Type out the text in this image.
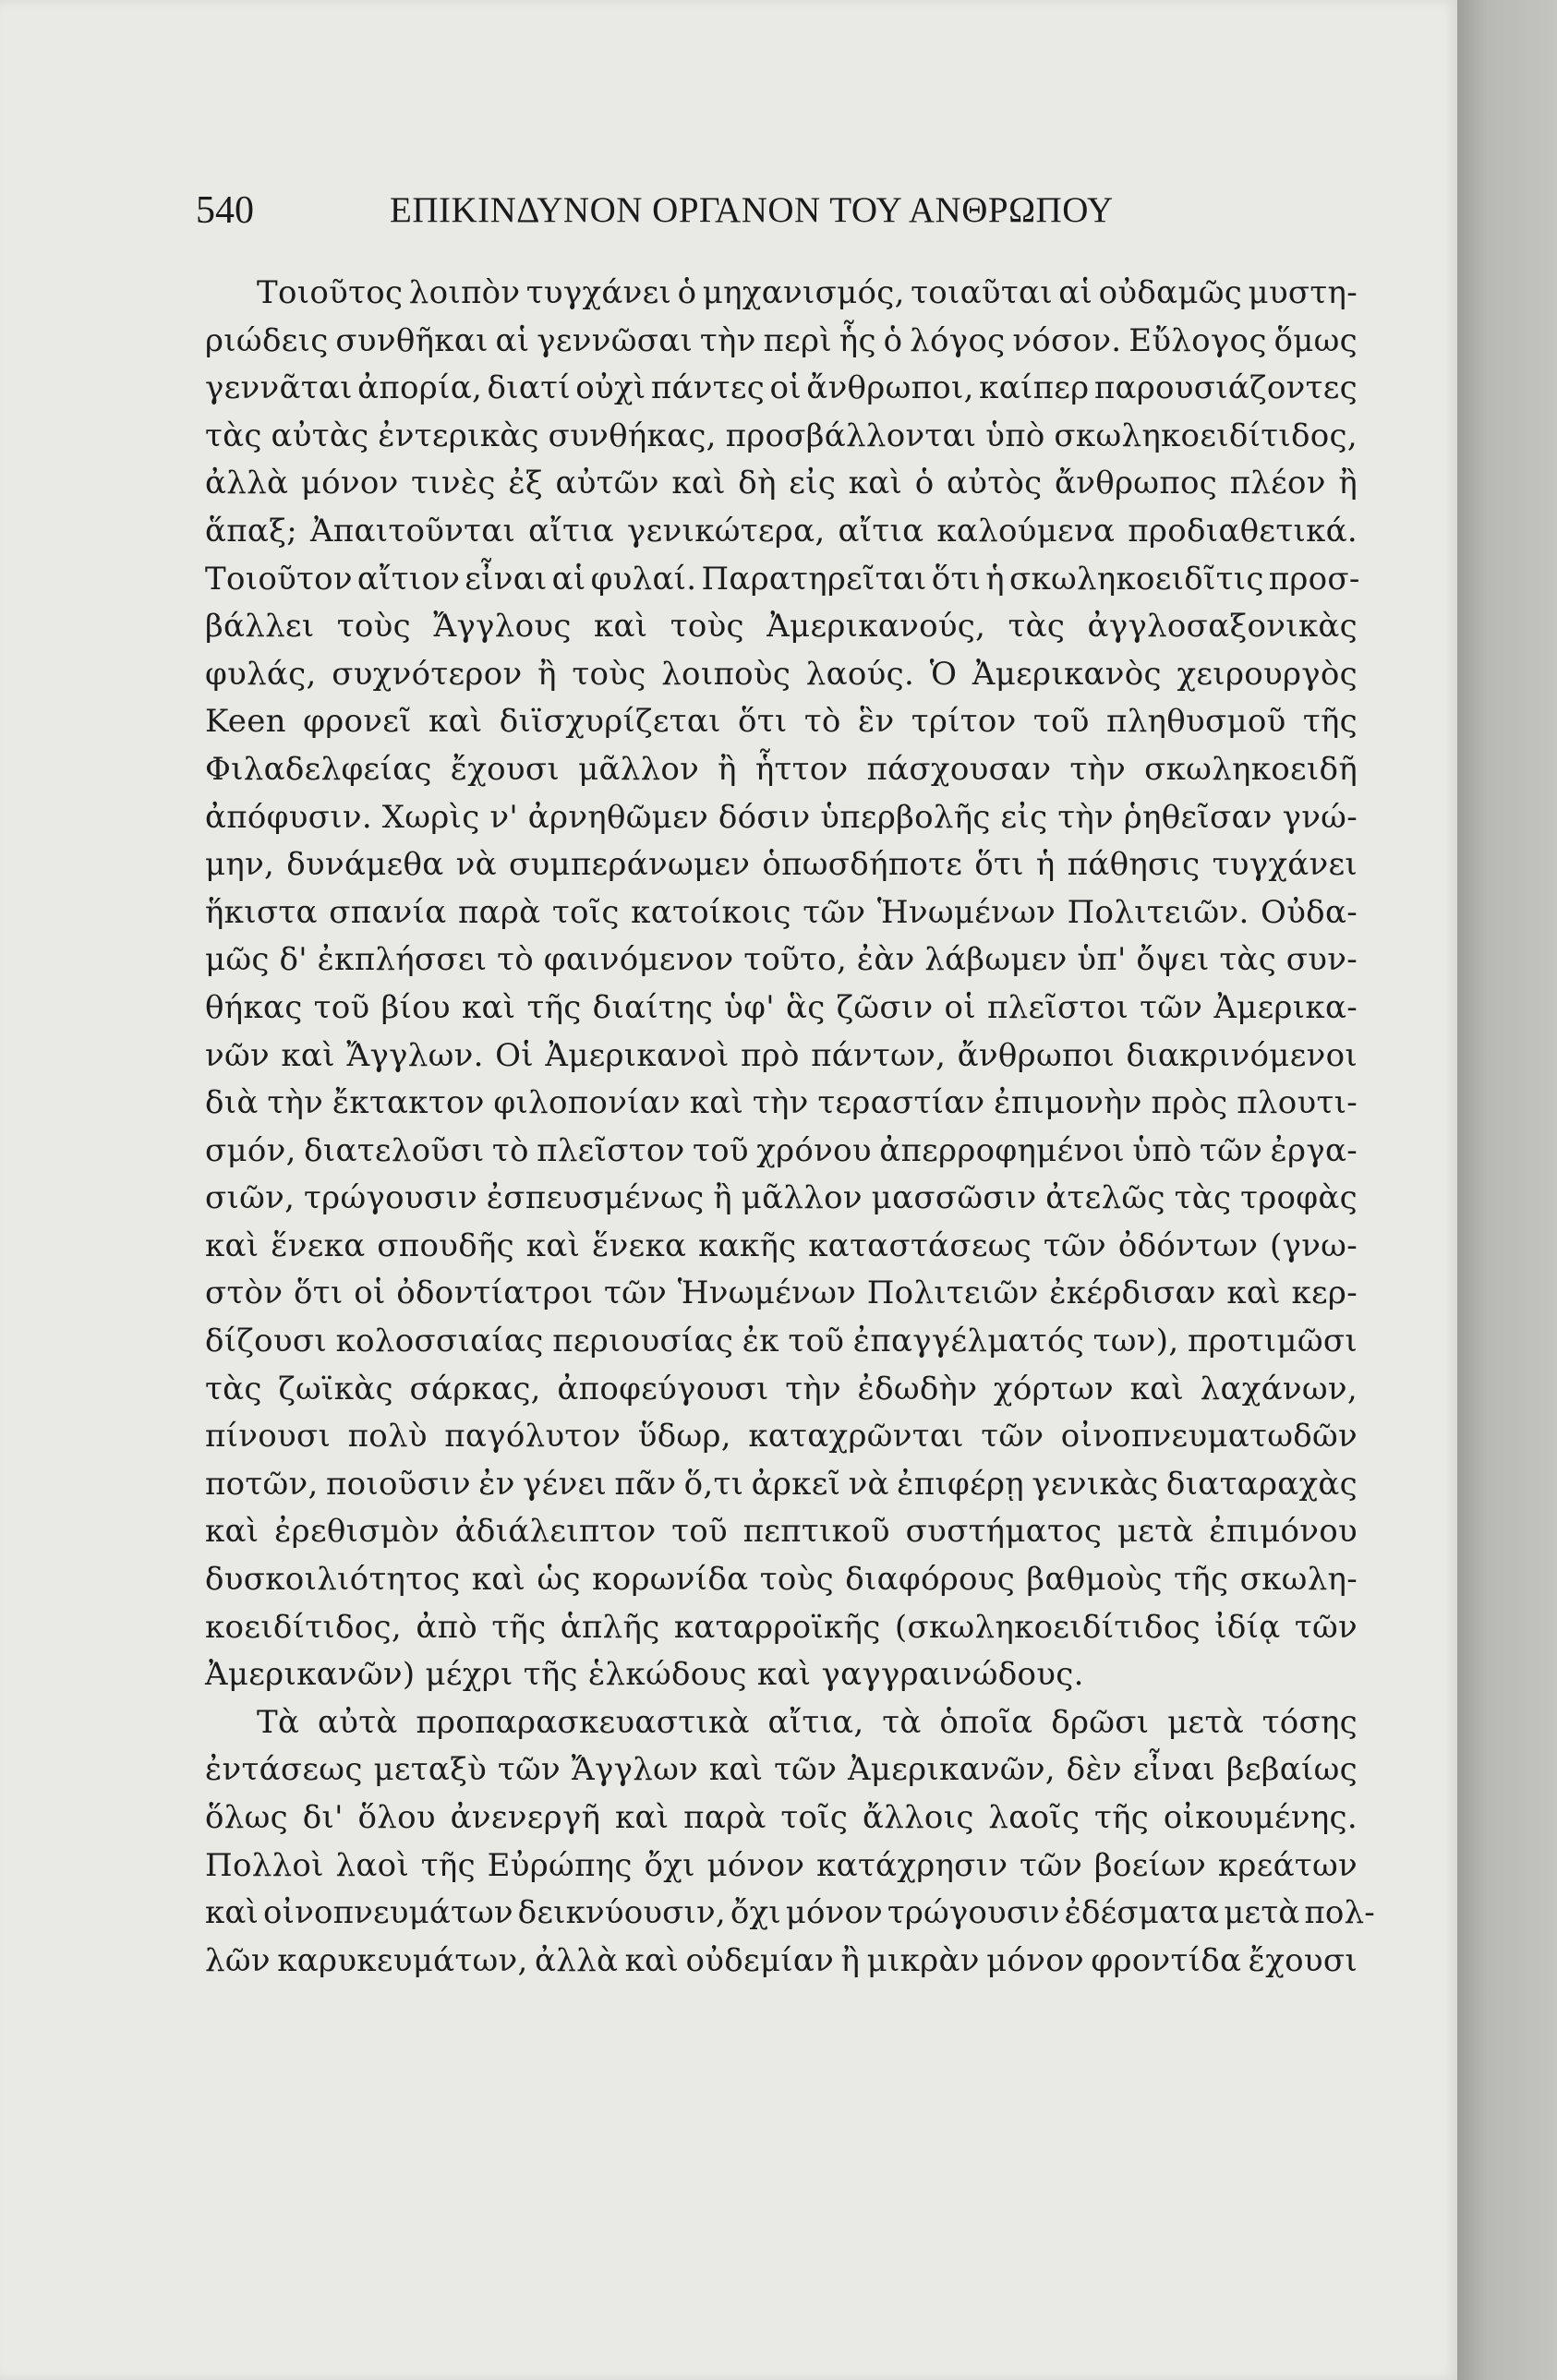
540	ΕΠΙΚΙΝΔΥΝΟΝ ΟΡΓΑΝΟΝ ΤΟΥ ΑΝΘΡΩΠΟΥ
Τοιοῦτος λοιπὸν τυγχάνει ὁ μηχανισμός, τοιαῦται αἱ οὐδαμῶς μυστη-
ριώδεις συνθῆκαι αἱ γεννῶσαι τὴν περὶ ἧς ὁ λόγος νόσον. Εὔλογος ὅμως
γεννᾶται ἀπορία, διατί οὐχὶ πάντες οἱ ἄνθρωποι, καίπερ παρουσιάζοντες
τὰς αὐτὰς ἐντερικὰς συνθήκας, προσβάλλονται ὑπὸ σκωληκοειδίτιδος,
ἀλλὰ μόνον τινὲς ἐξ αὐτῶν καὶ δὴ εἰς καὶ ὁ αὐτὸς ἄνθρωπος πλέον ἢ
ἅπαξ; Ἀπαιτοῦνται αἴτια γενικώτερα, αἴτια καλούμενα προδιαθετικά.
Τοιοῦτον αἴτιον εἶναι αἱ φυλαί. Παρατηρεῖται ὅτι ἡ σκωληκοειδῖτις προσ-
βάλλει τοὺς Ἄγγλους καὶ τοὺς Ἀμερικανούς, τὰς ἀγγλοσαξονικὰς
φυλάς, συχνότερον ἢ τοὺς λοιποὺς λαούς. Ὁ Ἀμερικανὸς χειρουργὸς
Keen φρονεῖ καὶ διϊσχυρίζεται ὅτι τὸ ἓν τρίτον τοῦ πληθυσμοῦ τῆς
Φιλαδελφείας ἔχουσι μᾶλλον ἢ ἧττον πάσχουσαν τὴν σκωληκοειδῆ
ἀπόφυσιν. Χωρὶς ν' ἀρνηθῶμεν δόσιν ὑπερβολῆς εἰς τὴν ῥηθεῖσαν γνώ-
μην, δυνάμεθα νὰ συμπεράνωμεν ὁπωσδήποτε ὅτι ἡ πάθησις τυγχάνει
ἥκιστα σπανία παρὰ τοῖς κατοίκοις τῶν Ἡνωμένων Πολιτειῶν. Οὐδα-
μῶς δ' ἐκπλήσσει τὸ φαινόμενον τοῦτο, ἐὰν λάβωμεν ὑπ' ὄψει τὰς συν-
θήκας τοῦ βίου καὶ τῆς διαίτης ὑφ' ἃς ζῶσιν οἱ πλεῖστοι τῶν Ἀμερικα-
νῶν καὶ Ἄγγλων. Οἱ Ἀμερικανοὶ πρὸ πάντων, ἄνθρωποι διακρινόμενοι
διὰ τὴν ἔκτακτον φιλοπονίαν καὶ τὴν τεραστίαν ἐπιμονὴν πρὸς πλουτι-
σμόν, διατελοῦσι τὸ πλεῖστον τοῦ χρόνου ἀπερροφημένοι ὑπὸ τῶν ἐργα-
σιῶν, τρώγουσιν ἐσπευσμένως ἢ μᾶλλον μασσῶσιν ἀτελῶς τὰς τροφὰς
καὶ ἕνεκα σπουδῆς καὶ ἕνεκα κακῆς καταστάσεως τῶν ὀδόντων (γνω-
στὸν ὅτι οἱ ὀδοντίατροι τῶν Ἡνωμένων Πολιτειῶν ἐκέρδισαν καὶ κερ-
δίζουσι κολοσσιαίας περιουσίας ἐκ τοῦ ἐπαγγέλματός των), προτιμῶσι
τὰς ζωϊκὰς σάρκας, ἀποφεύγουσι τὴν ἐδωδὴν χόρτων καὶ λαχάνων,
πίνουσι πολὺ παγόλυτον ὕδωρ, καταχρῶνται τῶν οἰνοπνευματωδῶν
ποτῶν, ποιοῦσιν ἐν γένει πᾶν ὅ,τι ἀρκεῖ νὰ ἐπιφέρῃ γενικὰς διαταραχὰς
καὶ ἐρεθισμὸν ἀδιάλειπτον τοῦ πεπτικοῦ συστήματος μετὰ ἐπιμόνου
δυσκοιλιότητος καὶ ὡς κορωνίδα τοὺς διαφόρους βαθμοὺς τῆς σκωλη-
κοειδίτιδος, ἀπὸ τῆς ἁπλῆς καταρροϊκῆς (σκωληκοειδίτιδος ἰδίᾳ τῶν
Ἀμερικανῶν) μέχρι τῆς ἑλκώδους καὶ γαγγραινώδους.
Τὰ αὐτὰ προπαρασκευαστικὰ αἴτια, τὰ ὁποῖα δρῶσι μετὰ τόσης
ἐντάσεως μεταξὺ τῶν Ἄγγλων καὶ τῶν Ἀμερικανῶν, δὲν εἶναι βεβαίως
ὅλως δι' ὅλου ἀνενεργῆ καὶ παρὰ τοῖς ἄλλοις λαοῖς τῆς οἰκουμένης.
Πολλοὶ λαοὶ τῆς Εὐρώπης ὄχι μόνον κατάχρησιν τῶν βοείων κρεάτων
καὶ οἰνοπνευμάτων δεικνύουσιν, ὄχι μόνον τρώγουσιν ἐδέσματα μετὰ πολ-
λῶν καρυκευμάτων, ἀλλὰ καὶ οὐδεμίαν ἢ μικρὰν μόνον φροντίδα ἔχουσι
